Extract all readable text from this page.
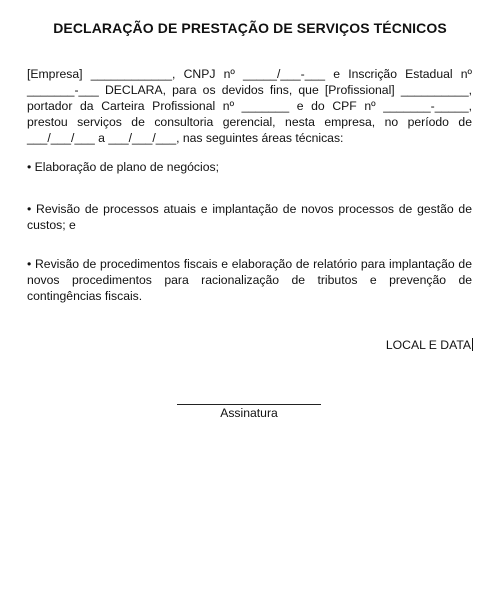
DECLARAÇÃO DE PRESTAÇÃO DE SERVIÇOS TÉCNICOS
[Empresa] ____________, CNPJ nº _____/___-___ e Inscrição Estadual nº _______-___ DECLARA, para os devidos fins, que [Profissional] __________, portador da Carteira Profissional nº _______ e do CPF nº _______-_____, prestou serviços de consultoria gerencial, nesta empresa, no período de ___/___/___ a ___/___/___, nas seguintes áreas técnicas:
• Elaboração de plano de negócios;
• Revisão de processos atuais e implantação de novos processos de gestão de custos; e
• Revisão de procedimentos fiscais e elaboração de relatório para implantação de novos procedimentos para racionalização de tributos e prevenção de contingências fiscais.
LOCAL E DATA
Assinatura
